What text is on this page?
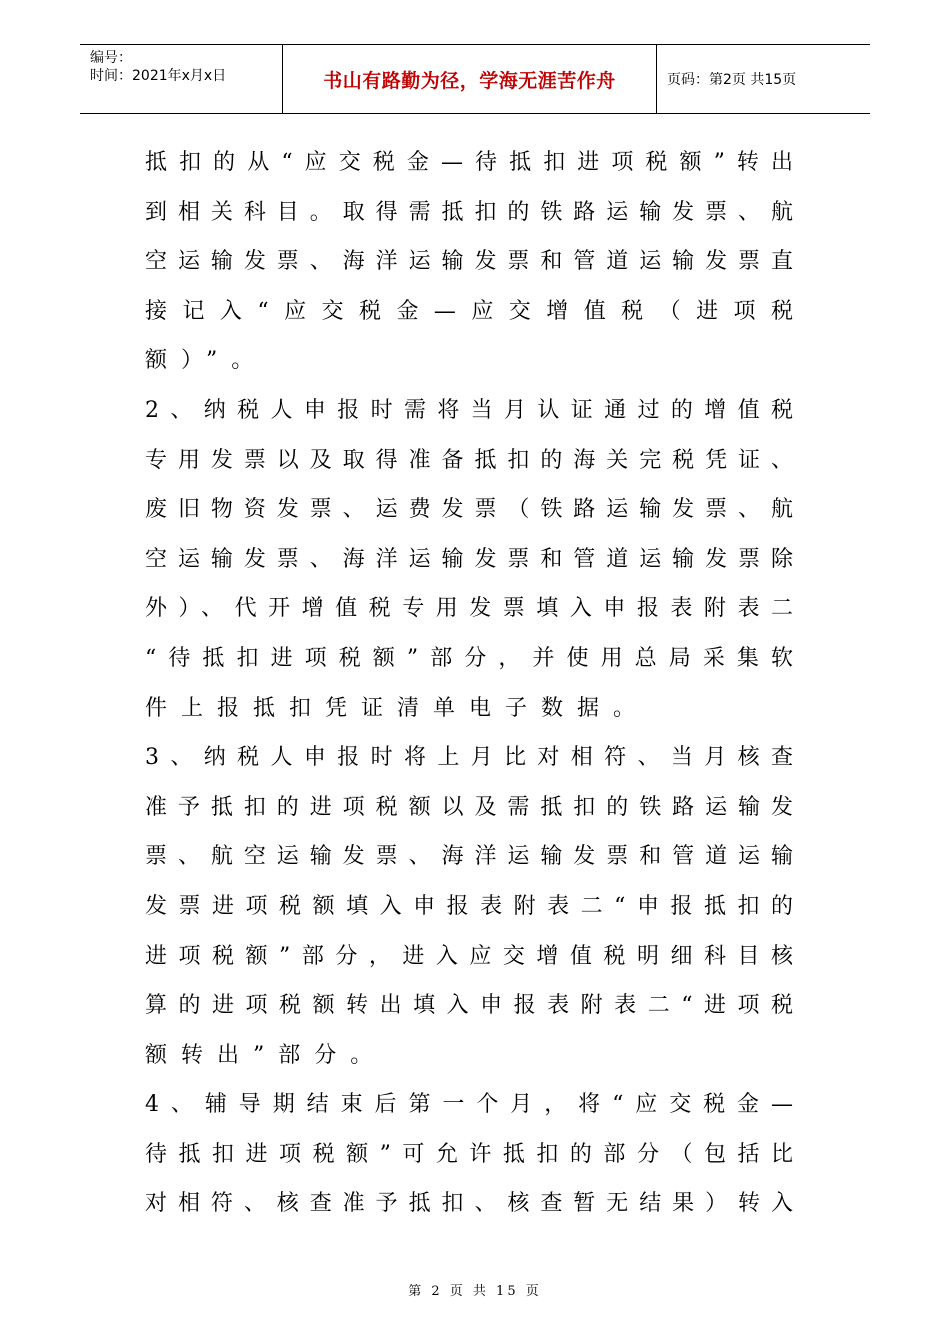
编号：
时间：2021年x月x日	书山有路勤为径，学海无涯苦作舟	页码：第2页 共15页
抵扣的从“应交税金—待抵扣进项税额”转出
到相关科目。取得需抵扣的铁路运输发票、航
空运输发票、海洋运输发票和管道运输发票直
接记入“应交税金—应交增值税（进项税
额）”。
2、纳税人申报时需将当月认证通过的增值税
专用发票以及取得准备抵扣的海关完税凭证、
废旧物资发票、运费发票（铁路运输发票、航
空运输发票、海洋运输发票和管道运输发票除
外）、代开增值税专用发票填入申报表附表二
“待抵扣进项税额”部分，并使用总局采集软
件上报抵扣凭证清单电子数据。
3、纳税人申报时将上月比对相符、当月核查
准予抵扣的进项税额以及需抵扣的铁路运输发
票、航空运输发票、海洋运输发票和管道运输
发票进项税额填入申报表附表二“申报抵扣的
进项税额”部分，进入应交增值税明细科目核
算的进项税额转出填入申报表附表二“进项税
额转出”部分。
4、辅导期结束后第一个月，将“应交税金—
待抵扣进项税额”可允许抵扣的部分（包括比
对相符、核查准予抵扣、核查暂无结果）转入
第 2 页 共 15 页
